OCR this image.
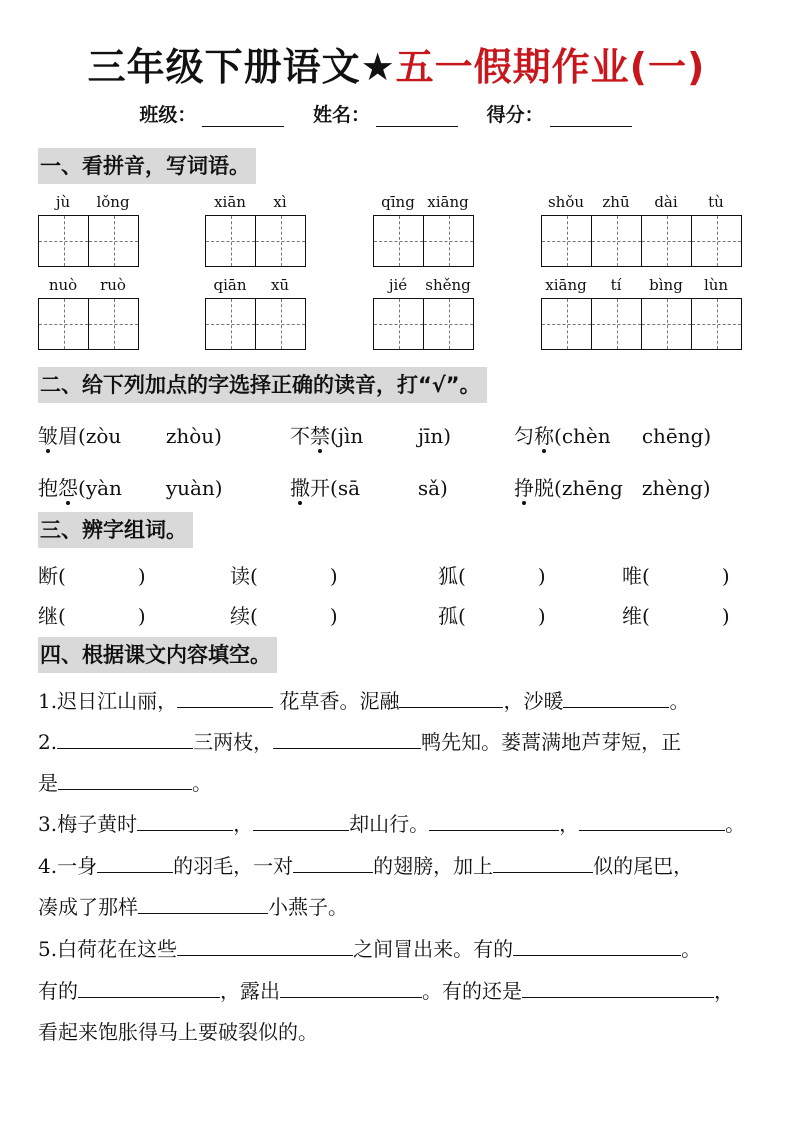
三年级下册语文★五一假期作业(一)
班级：	姓名：	得分：
一、看拼音，写词语。
jù	lǒng	xiān	xì	qīng xiāng	shǒu	zhū	dài	tù
nuò	ruò	qiān	xū	jié	shěng	xiāng	tí	bìng	lùn
二、给下列加点的字选择正确的读音，打“√”。
皱眉(zòu zhòu)	不禁(jìn	jīn)	匀称(chèn chēng)
抱怨(yàn yuàn)	撒开(sā	sǎ)	挣脱(zhēng zhèng)
三、辨字组词。
断(	)	读(	)	狐(	)	唯(	)
继(	)	续(	)	孤(	)	维(	)
四、根据课文内容填空。
1.迟日江山丽，	花草香。泥融	，沙暖	。
2.	三两枝，	鸭先知。蒌蒿满地芦芽短，正
是	。
3.梅子黄时	，	却山行。	，	。
4.一身	的羽毛，一对	的翅膀，加上	似的尾巴，
凑成了那样	小燕子。
5.白荷花在这些	之间冒出来。有的	。
有的	，露出	。有的还是	，
看起来饱胀得马上要破裂似的。
